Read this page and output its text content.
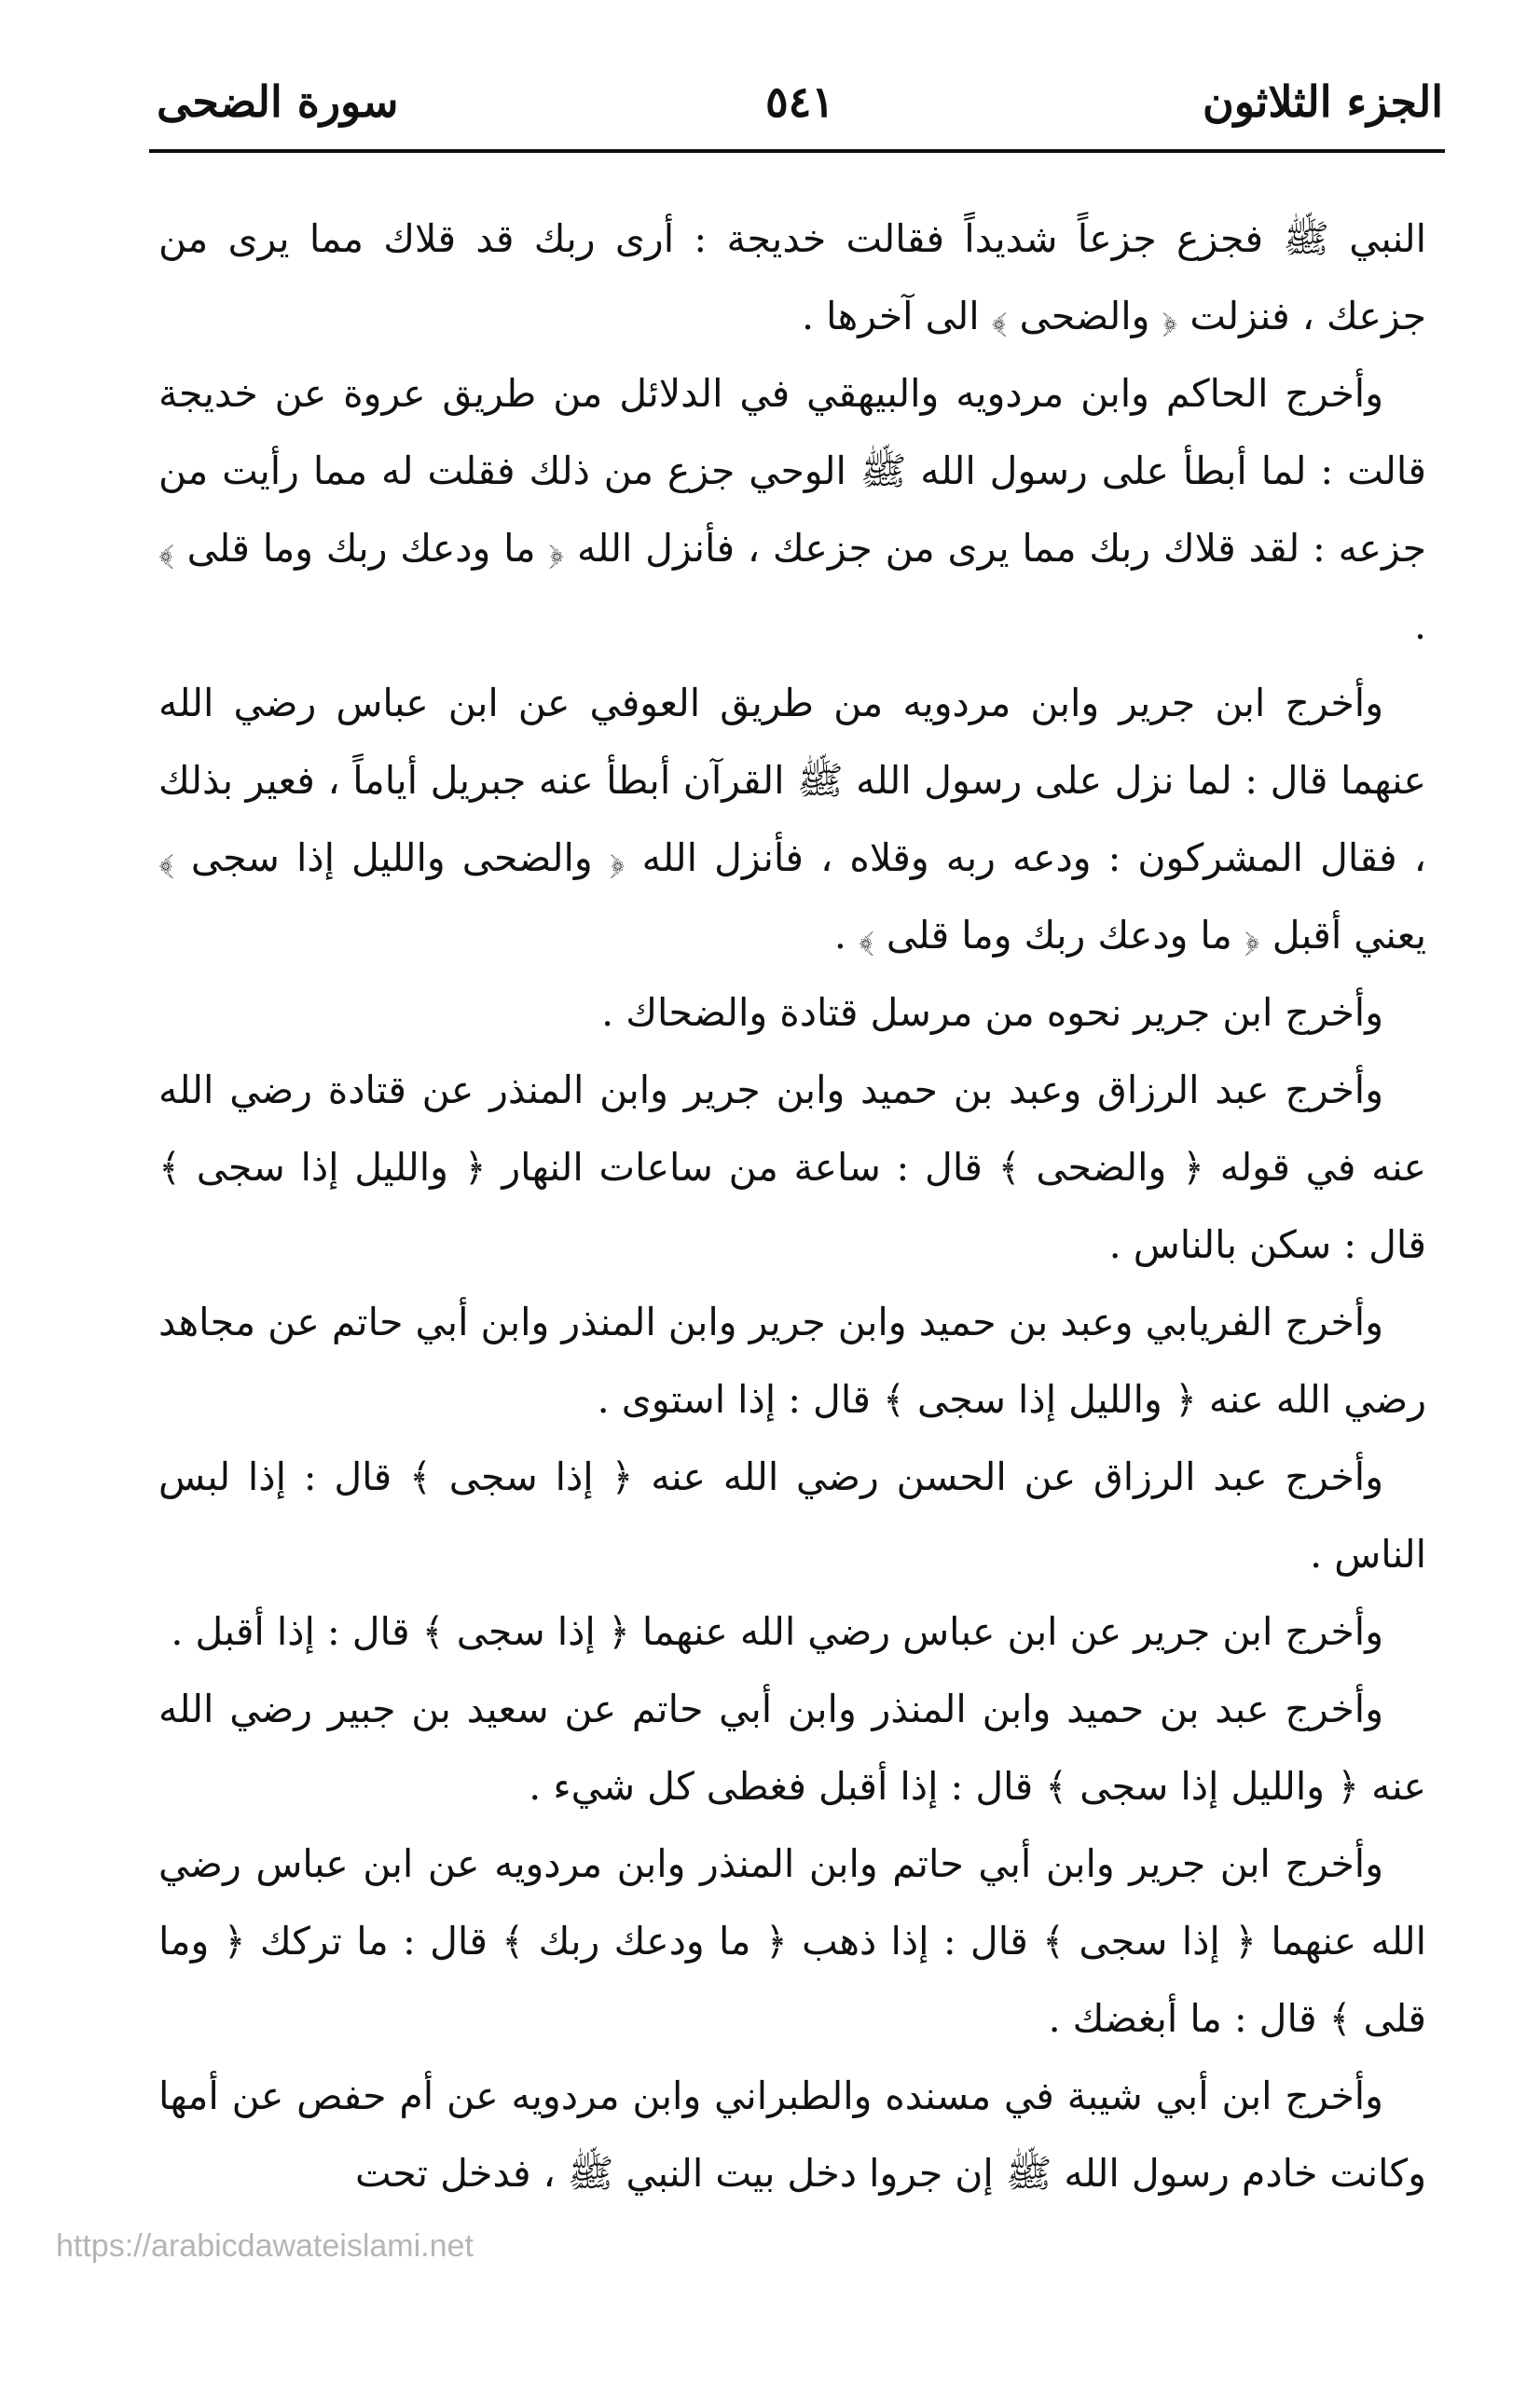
الجزء الثلاثون
٥٤١
سورة الضحى

النبي ﷺ فجزع جزعاً شديداً فقالت خديجة : أرى ربك قد قلاك مما يرى من جزعك ، فنزلت ﴿ والضحى ﴾ الى آخرها .

وأخرج الحاكم وابن مردويه والبيهقي في الدلائل من طريق عروة عن خديجة قالت : لما أبطأ على رسول الله ﷺ الوحي جزع من ذلك فقلت له مما رأيت من جزعه : لقد قلاك ربك مما يرى من جزعك ، فأنزل الله ﴿ ما ودعك ربك وما قلى ﴾ .

وأخرج ابن جرير وابن مردويه من طريق العوفي عن ابن عباس رضي الله عنهما قال : لما نزل على رسول الله ﷺ القرآن أبطأ عنه جبريل أياماً ، فعير بذلك ، فقال المشركون : ودعه ربه وقلاه ، فأنزل الله ﴿ والضحى والليل إذا سجى ﴾ يعني أقبل ﴿ ما ودعك ربك وما قلى ﴾ .

وأخرج ابن جرير نحوه من مرسل قتادة والضحاك .

وأخرج عبد الرزاق وعبد بن حميد وابن جرير وابن المنذر عن قتادة رضي الله عنه في قوله ﴿ والضحى ﴾ قال : ساعة من ساعات النهار ﴿ والليل إذا سجى ﴾ قال : سكن بالناس .

وأخرج الفريابي وعبد بن حميد وابن جرير وابن المنذر وابن أبي حاتم عن مجاهد رضي الله عنه ﴿ والليل إذا سجى ﴾ قال : إذا استوى .

وأخرج عبد الرزاق عن الحسن رضي الله عنه ﴿ إذا سجى ﴾ قال : إذا لبس الناس .

وأخرج ابن جرير عن ابن عباس رضي الله عنهما ﴿ إذا سجى ﴾ قال : إذا أقبل .

وأخرج عبد بن حميد وابن المنذر وابن أبي حاتم عن سعيد بن جبير رضي الله عنه ﴿ والليل إذا سجى ﴾ قال : إذا أقبل فغطى كل شيء .

وأخرج ابن جرير وابن أبي حاتم وابن المنذر وابن مردويه عن ابن عباس رضي الله عنهما ﴿ إذا سجى ﴾ قال : إذا ذهب ﴿ ما ودعك ربك ﴾ قال : ما تركك ﴿ وما قلى ﴾ قال : ما أبغضك .

وأخرج ابن أبي شيبة في مسنده والطبراني وابن مردويه عن أم حفص عن أمها وكانت خادم رسول الله ﷺ إن جروا دخل بيت النبي ﷺ ، فدخل تحت

https://arabicdawateislami.net
